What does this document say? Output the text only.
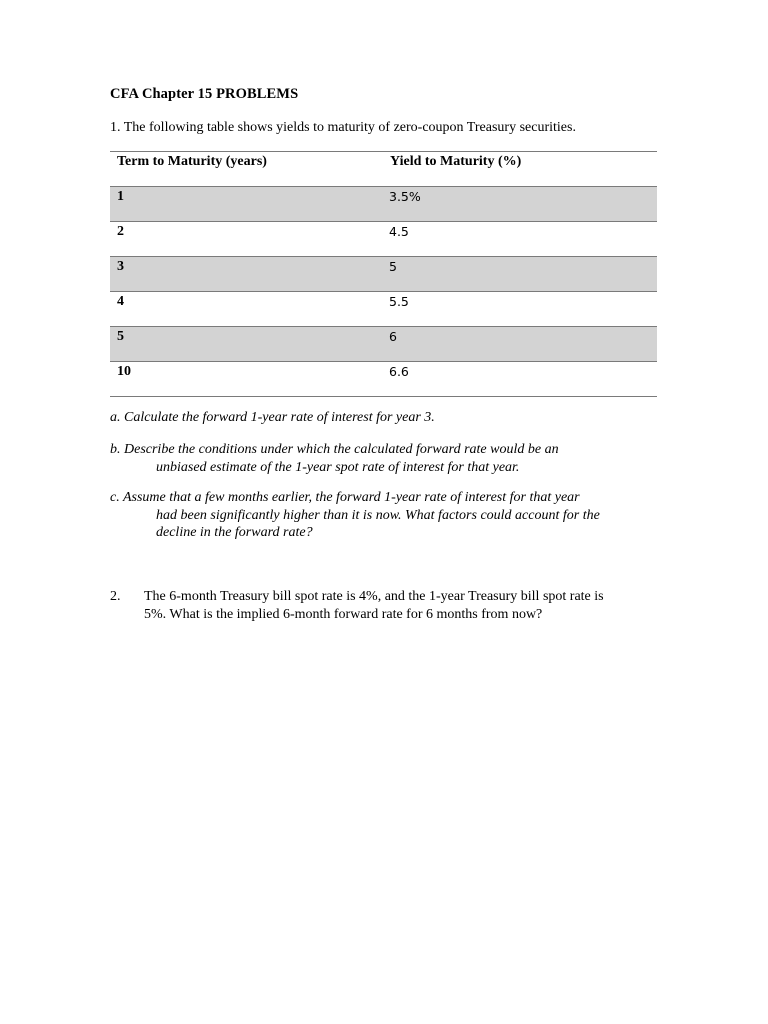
CFA Chapter 15 PROBLEMS
1. The following table shows yields to maturity of zero-coupon Treasury securities.
Term to Maturity (years)	Yield to Maturity (%)
1	3.5%
2	4.5
3	5
4	5.5
5	6
10	6.6
a. Calculate the forward 1-year rate of interest for year 3.
b. Describe the conditions under which the calculated forward rate would be an
unbiased estimate of the 1-year spot rate of interest for that year.
c. Assume that a few months earlier, the forward 1-year rate of interest for that year
had been significantly higher than it is now. What factors could account for the
decline in the forward rate?
2. The 6-month Treasury bill spot rate is 4%, and the 1-year Treasury bill spot rate is
5%. What is the implied 6-month forward rate for 6 months from now?
